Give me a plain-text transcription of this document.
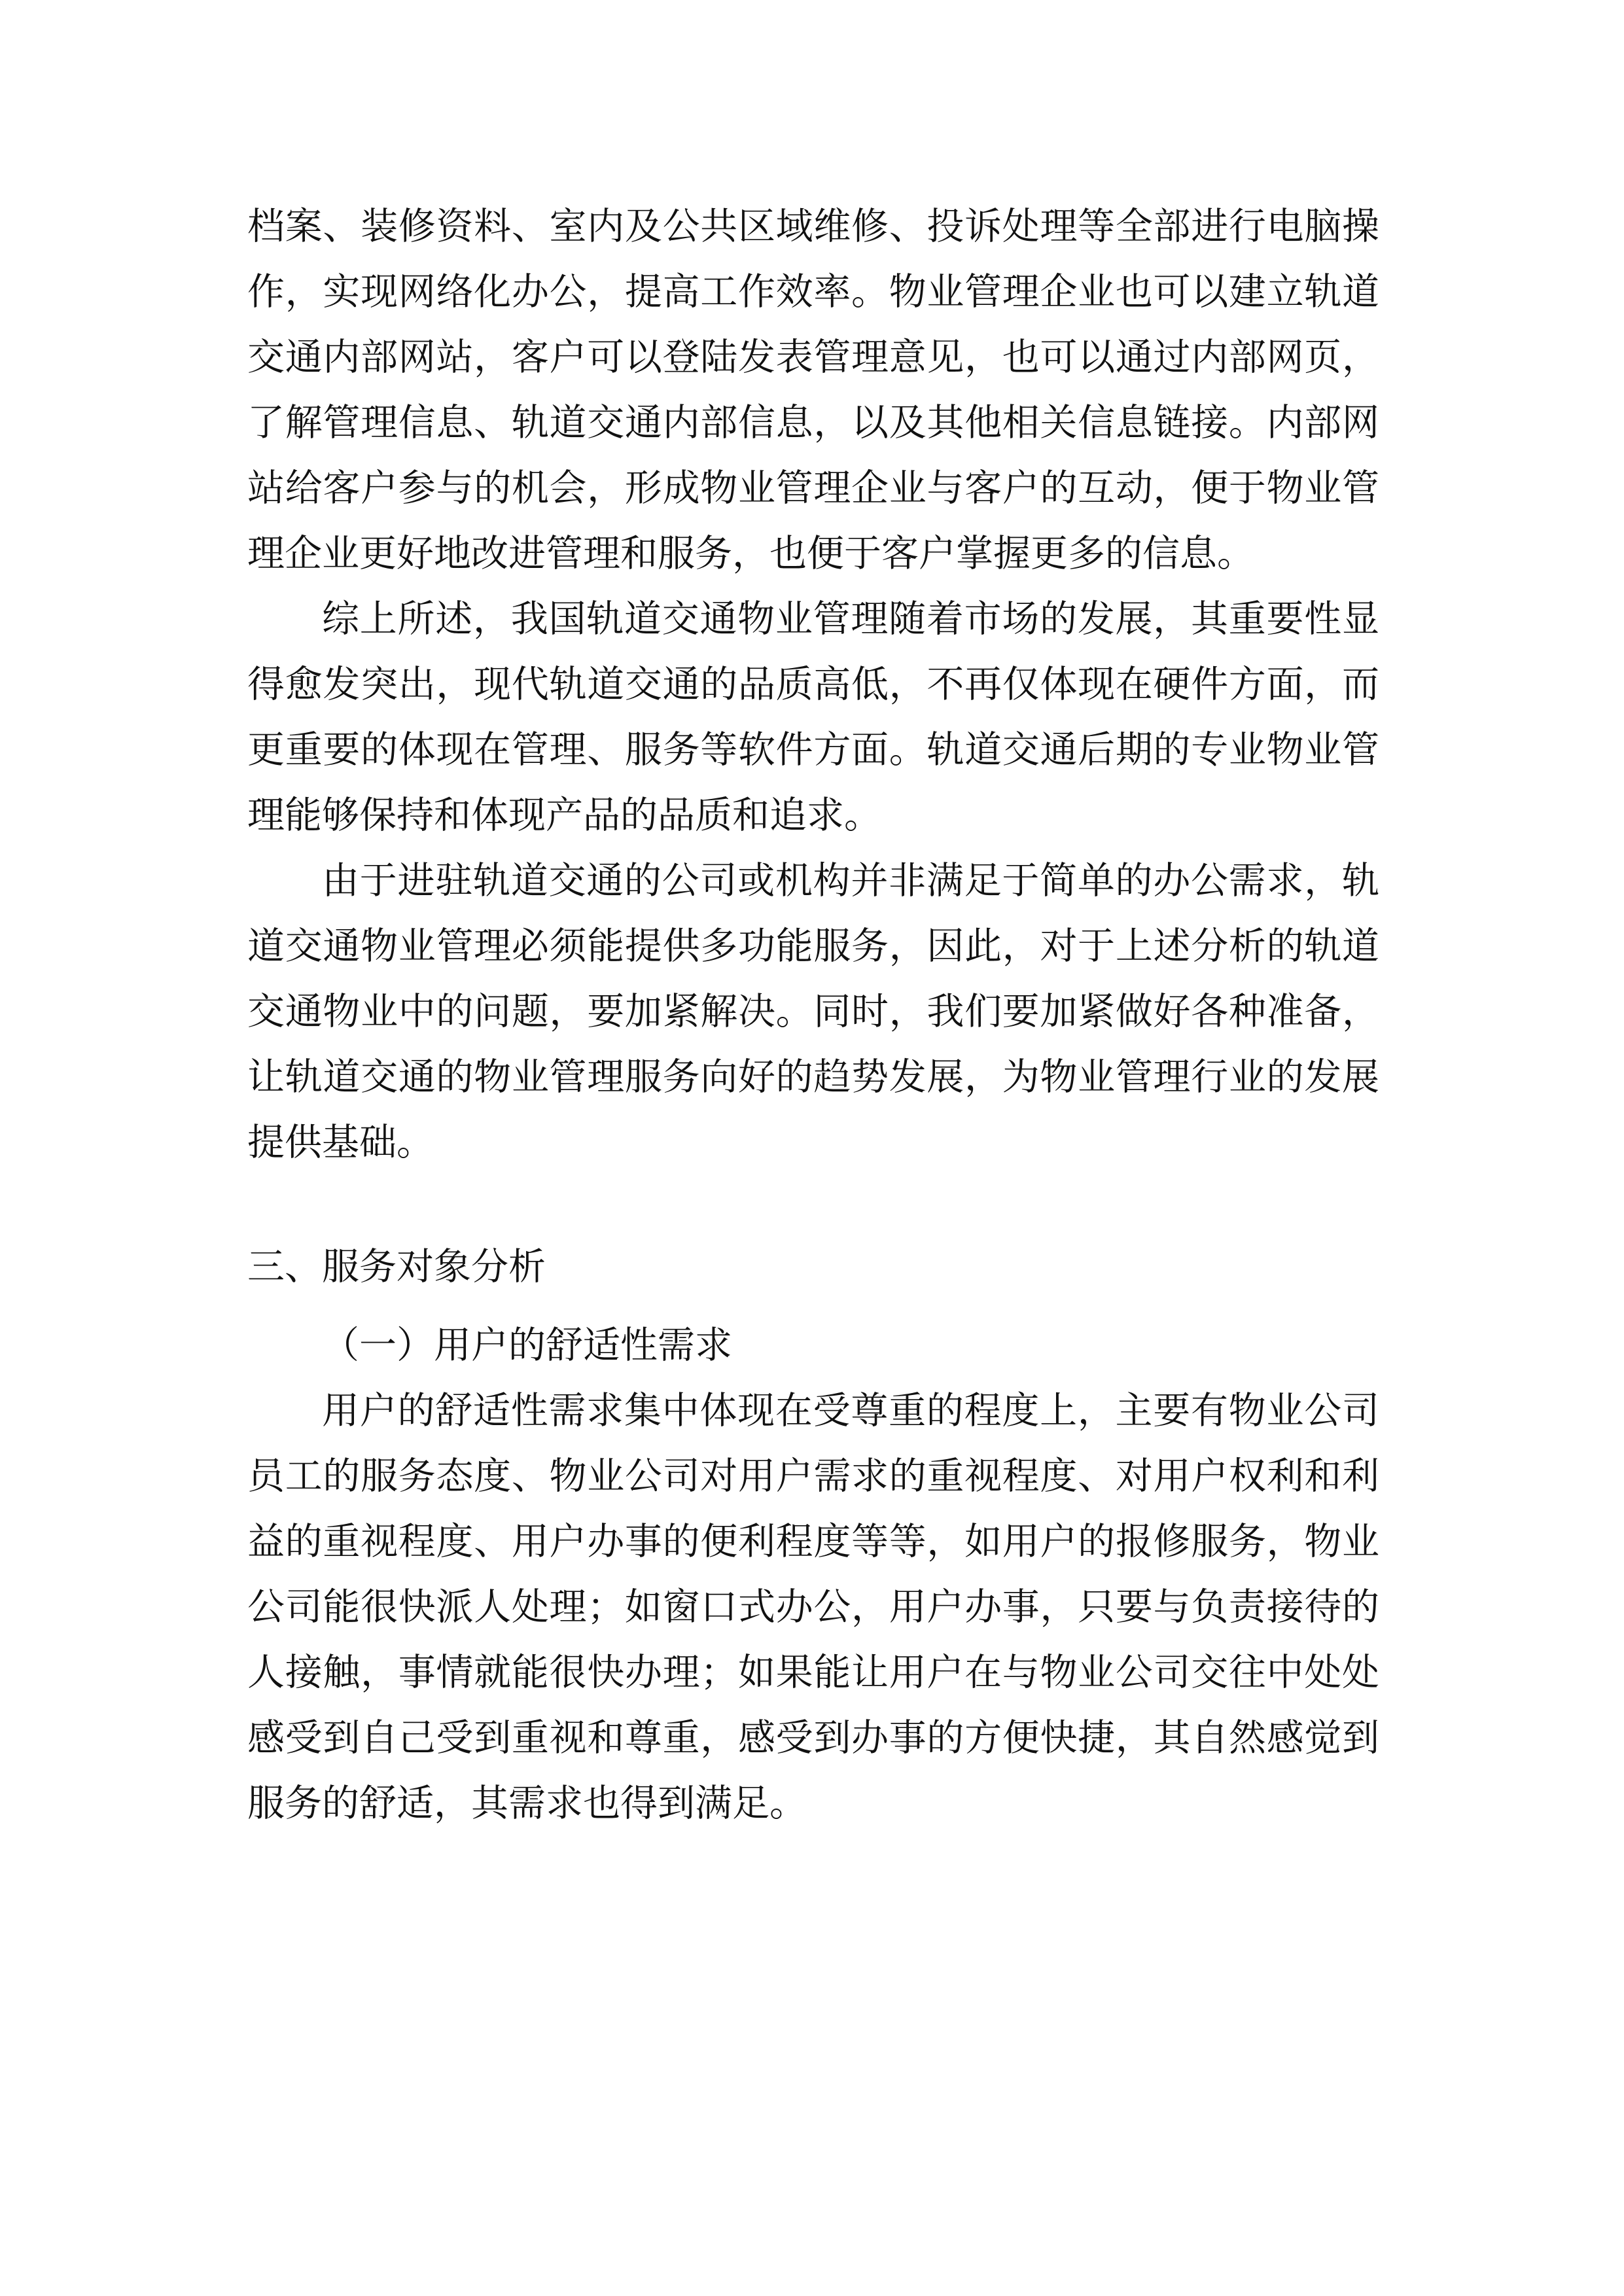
档案、装修资料、室内及公共区域维修、投诉处理等全部进行电脑操作，实现网络化办公，提高工作效率。物业管理企业也可以建立轨道交通内部网站，客户可以登陆发表管理意见，也可以通过内部网页，了解管理信息、轨道交通内部信息，以及其他相关信息链接。内部网站给客户参与的机会，形成物业管理企业与客户的互动，便于物业管理企业更好地改进管理和服务，也便于客户掌握更多的信息。

综上所述，我国轨道交通物业管理随着市场的发展，其重要性显得愈发突出，现代轨道交通的品质高低，不再仅体现在硬件方面，而更重要的体现在管理、服务等软件方面。轨道交通后期的专业物业管理能够保持和体现产品的品质和追求。

由于进驻轨道交通的公司或机构并非满足于简单的办公需求，轨道交通物业管理必须能提供多功能服务，因此，对于上述分析的轨道交通物业中的问题，要加紧解决。同时，我们要加紧做好各种准备，让轨道交通的物业管理服务向好的趋势发展，为物业管理行业的发展提供基础。

三、服务对象分析

（一）用户的舒适性需求

用户的舒适性需求集中体现在受尊重的程度上，主要有物业公司员工的服务态度、物业公司对用户需求的重视程度、对用户权利和利益的重视程度、用户办事的便利程度等等，如用户的报修服务，物业公司能很快派人处理；如窗口式办公，用户办事，只要与负责接待的人接触，事情就能很快办理；如果能让用户在与物业公司交往中处处感受到自己受到重视和尊重，感受到办事的方便快捷，其自然感觉到服务的舒适，其需求也得到满足。
